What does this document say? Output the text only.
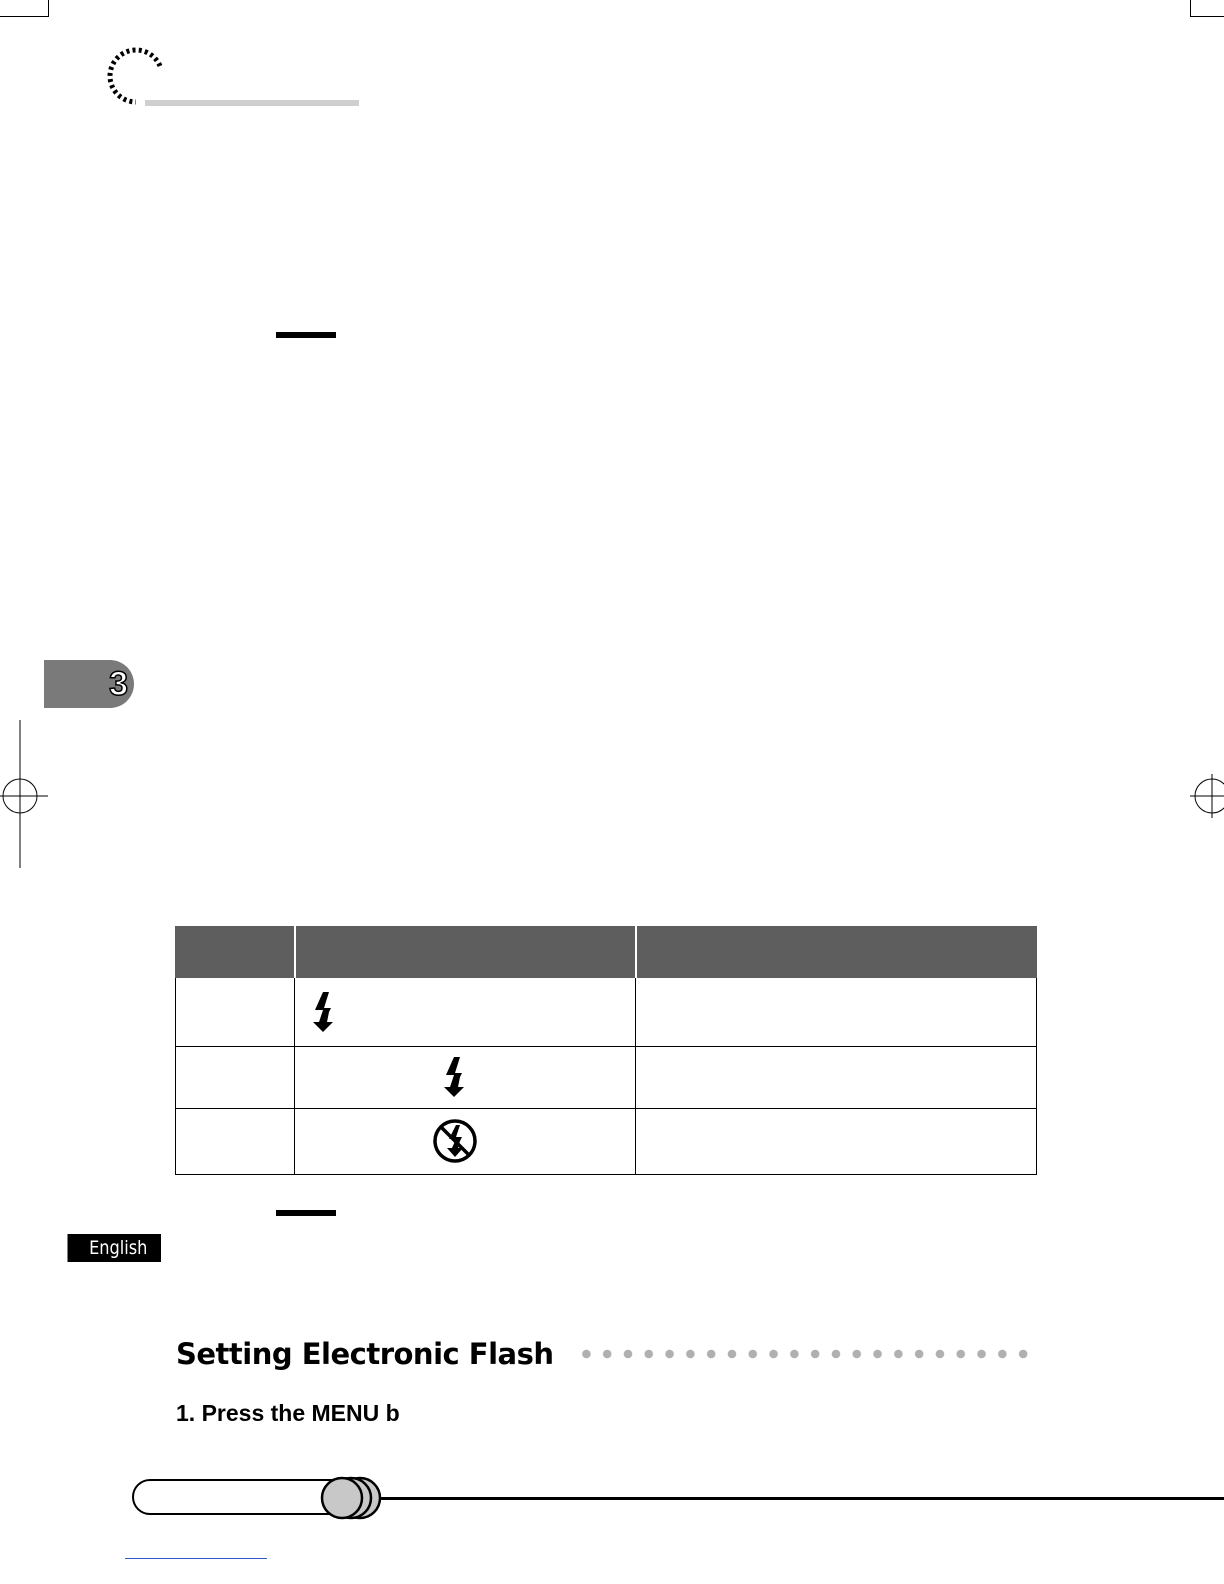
3

English
Setting Electronic Flash
1. Press the MENU b
